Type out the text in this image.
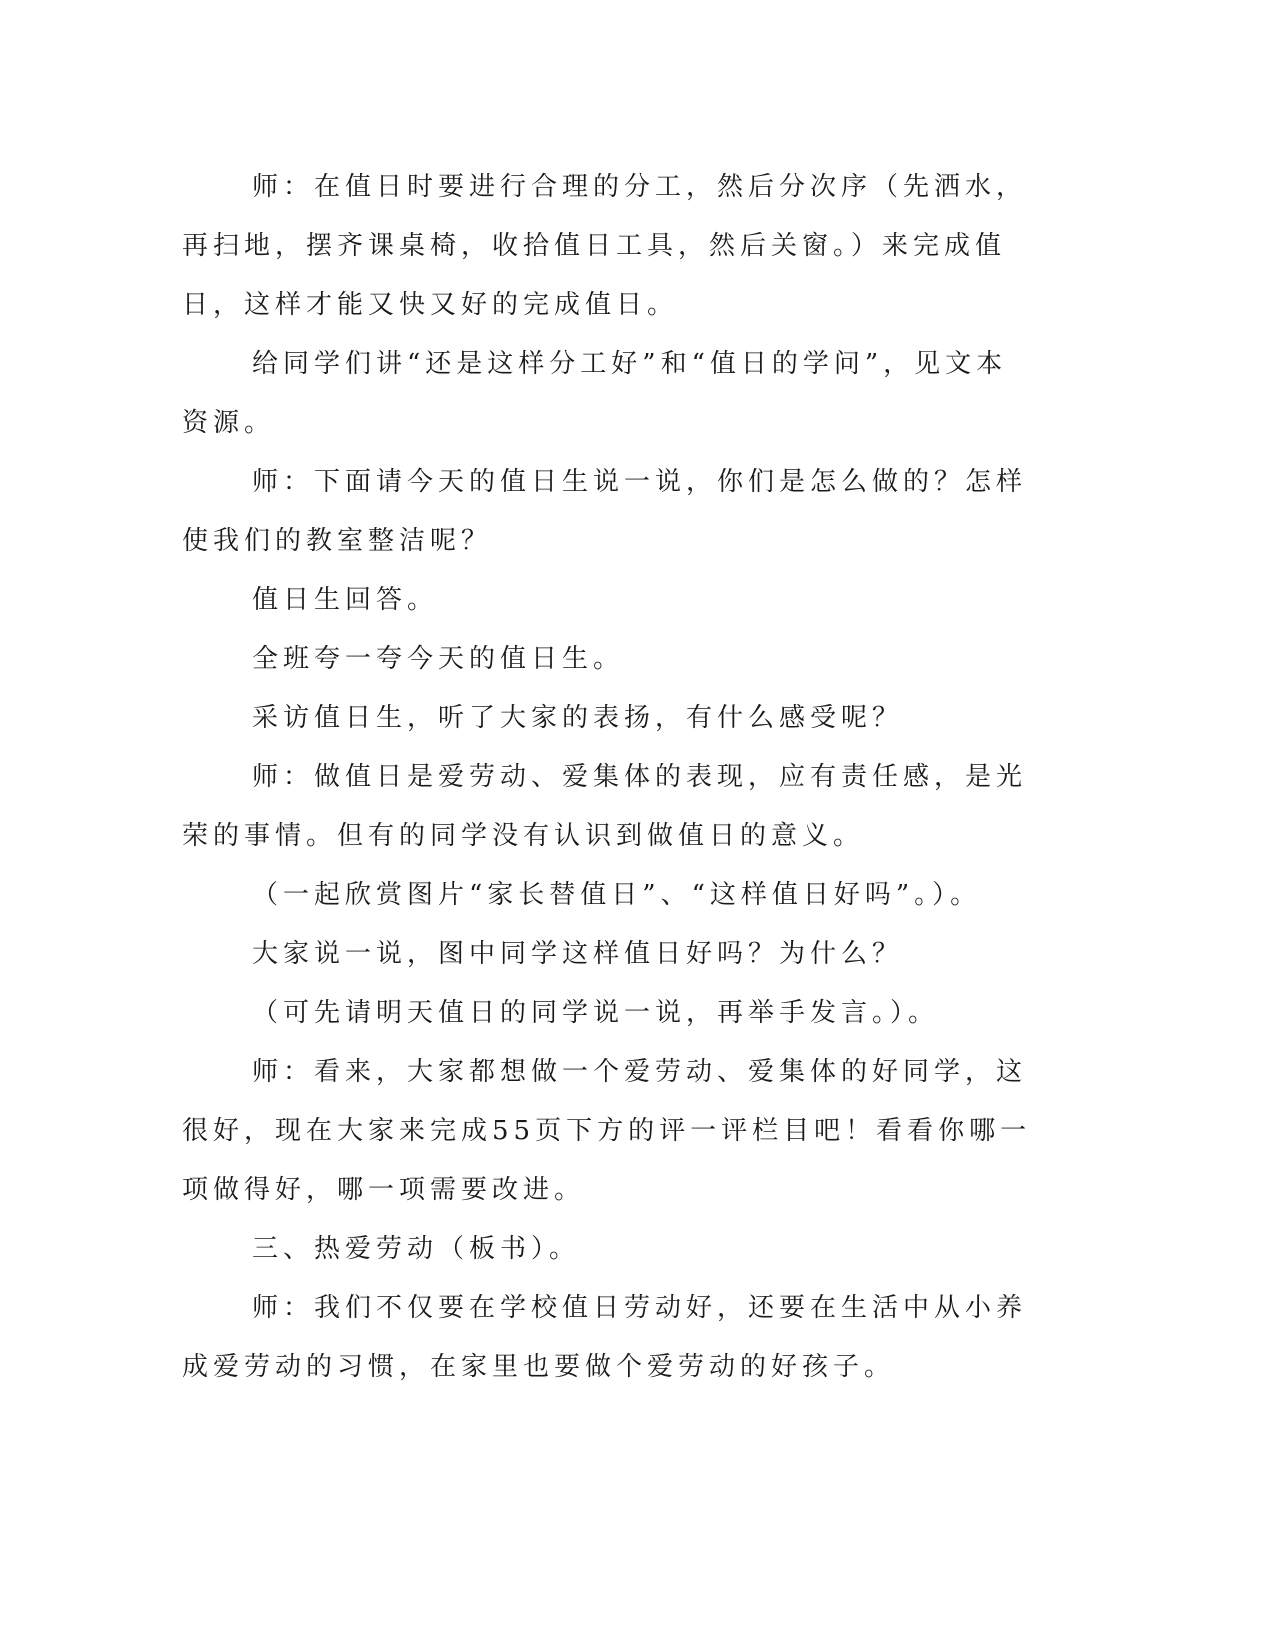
师：在值日时要进行合理的分工，然后分次序（先洒水，再扫地，摆齐课桌椅，收拾值日工具，然后关窗。）来完成值日，这样才能又快又好的完成值日。

给同学们讲“还是这样分工好”和“值日的学问”，见文本资源。

师：下面请今天的值日生说一说，你们是怎么做的？怎样使我们的教室整洁呢？

值日生回答。

全班夸一夸今天的值日生。

采访值日生，听了大家的表扬，有什么感受呢？

师：做值日是爱劳动、爱集体的表现，应有责任感，是光荣的事情。但有的同学没有认识到做值日的意义。

（一起欣赏图片“家长替值日”、“这样值日好吗”。）。

大家说一说，图中同学这样值日好吗？为什么？

（可先请明天值日的同学说一说，再举手发言。）。

师：看来，大家都想做一个爱劳动、爱集体的好同学，这很好，现在大家来完成55页下方的评一评栏目吧！看看你哪一项做得好，哪一项需要改进。

三、热爱劳动（板书）。

师：我们不仅要在学校值日劳动好，还要在生活中从小养成爱劳动的习惯，在家里也要做个爱劳动的好孩子。
